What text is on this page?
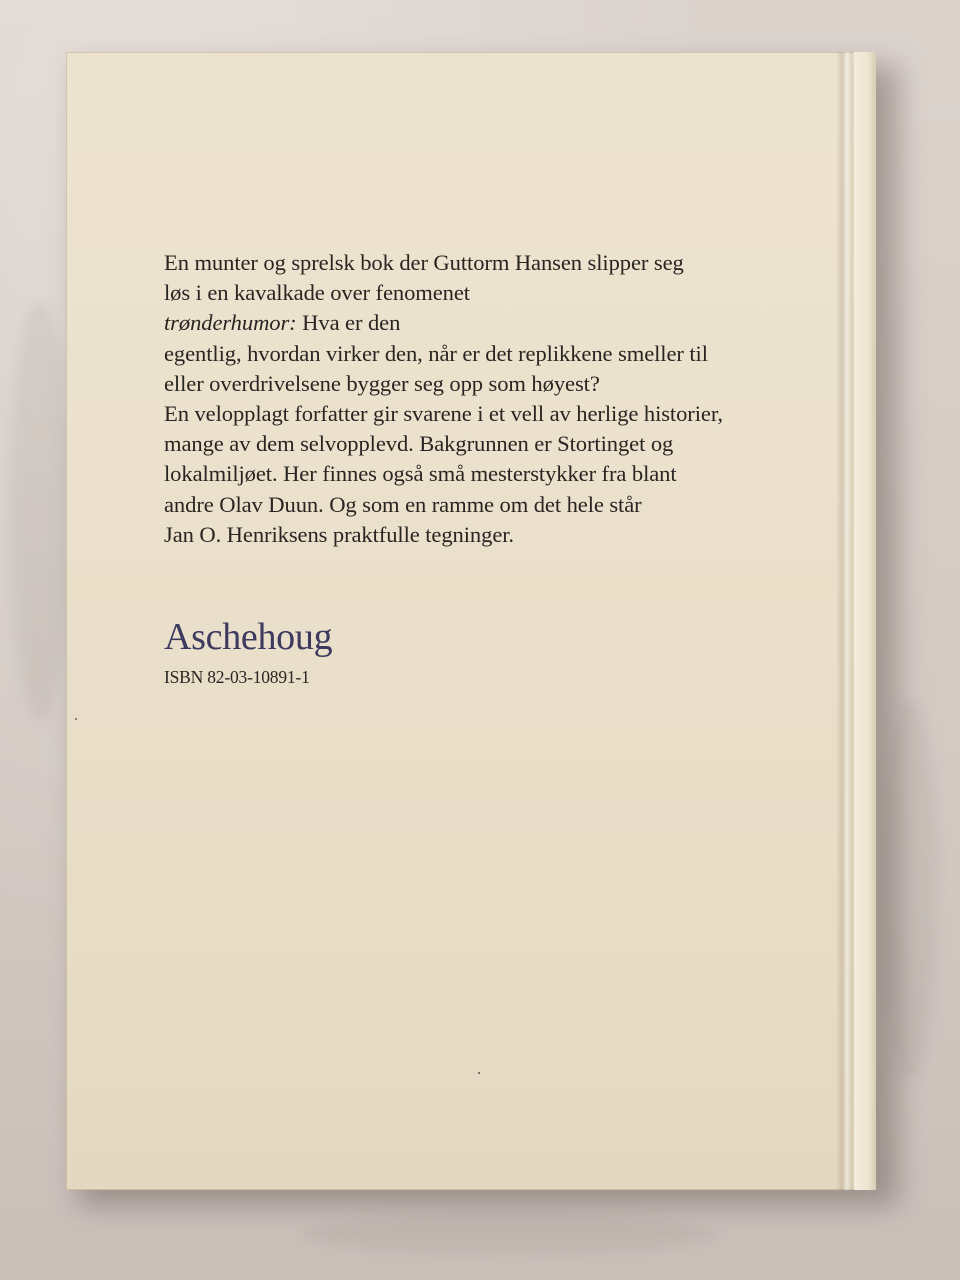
En munter og sprelsk bok der Guttorm Hansen slipper seg
løs i en kavalkade over fenomenet
trønderhumor: Hva er den
egentlig, hvordan virker den, når er det replikkene smeller til
eller overdrivelsene bygger seg opp som høyest?
En velopplagt forfatter gir svarene i et vell av herlige historier,
mange av dem selvopplevd. Bakgrunnen er Stortinget og
lokalmiljøet. Her finnes også små mesterstykker fra blant
andre Olav Duun. Og som en ramme om det hele står
Jan O. Henriksens praktfulle tegninger.

Aschehoug

ISBN 82-03-10891-1
